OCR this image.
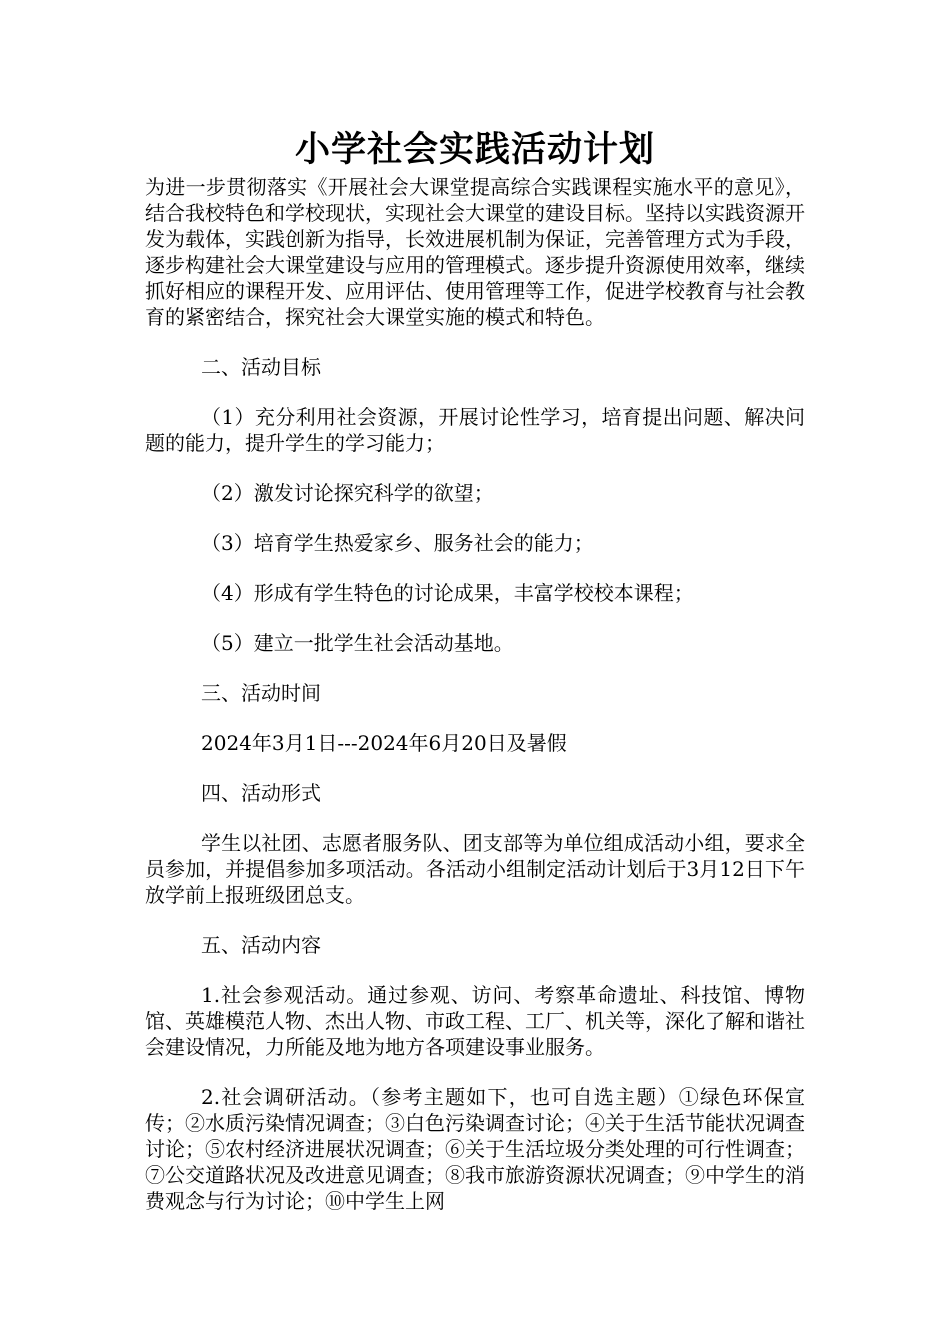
小学社会实践活动计划

为进一步贯彻落实《开展社会大课堂提高综合实践课程实施水平的意见》，结合我校特色和学校现状，实现社会大课堂的建设目标。坚持以实践资源开发为载体，实践创新为指导，长效进展机制为保证，完善管理方式为手段，逐步构建社会大课堂建设与应用的管理模式。逐步提升资源使用效率，继续抓好相应的课程开发、应用评估、使用管理等工作，促进学校教育与社会教育的紧密结合，探究社会大课堂实施的模式和特色。

二、活动目标

（1）充分利用社会资源，开展讨论性学习，培育提出问题、解决问题的能力，提升学生的学习能力；

（2）激发讨论探究科学的欲望；

（3）培育学生热爱家乡、服务社会的能力；

（4）形成有学生特色的讨论成果，丰富学校校本课程；

（5）建立一批学生社会活动基地。

三、活动时间

2024年3月1日---2024年6月20日及暑假

四、活动形式

学生以社团、志愿者服务队、团支部等为单位组成活动小组，要求全员参加，并提倡参加多项活动。各活动小组制定活动计划后于3月12日下午放学前上报班级团总支。

五、活动内容

1.社会参观活动。通过参观、访问、考察革命遗址、科技馆、博物馆、英雄模范人物、杰出人物、市政工程、工厂、机关等，深化了解和谐社会建设情况，力所能及地为地方各项建设事业服务。

2.社会调研活动。（参考主题如下，也可自选主题）①绿色环保宣传；②水质污染情况调查；③白色污染调查讨论；④关于生活节能状况调查讨论；⑤农村经济进展状况调查；⑥关于生活垃圾分类处理的可行性调查；⑦公交道路状况及改进意见调查；⑧我市旅游资源状况调查；⑨中学生的消费观念与行为讨论；⑩中学生上网
